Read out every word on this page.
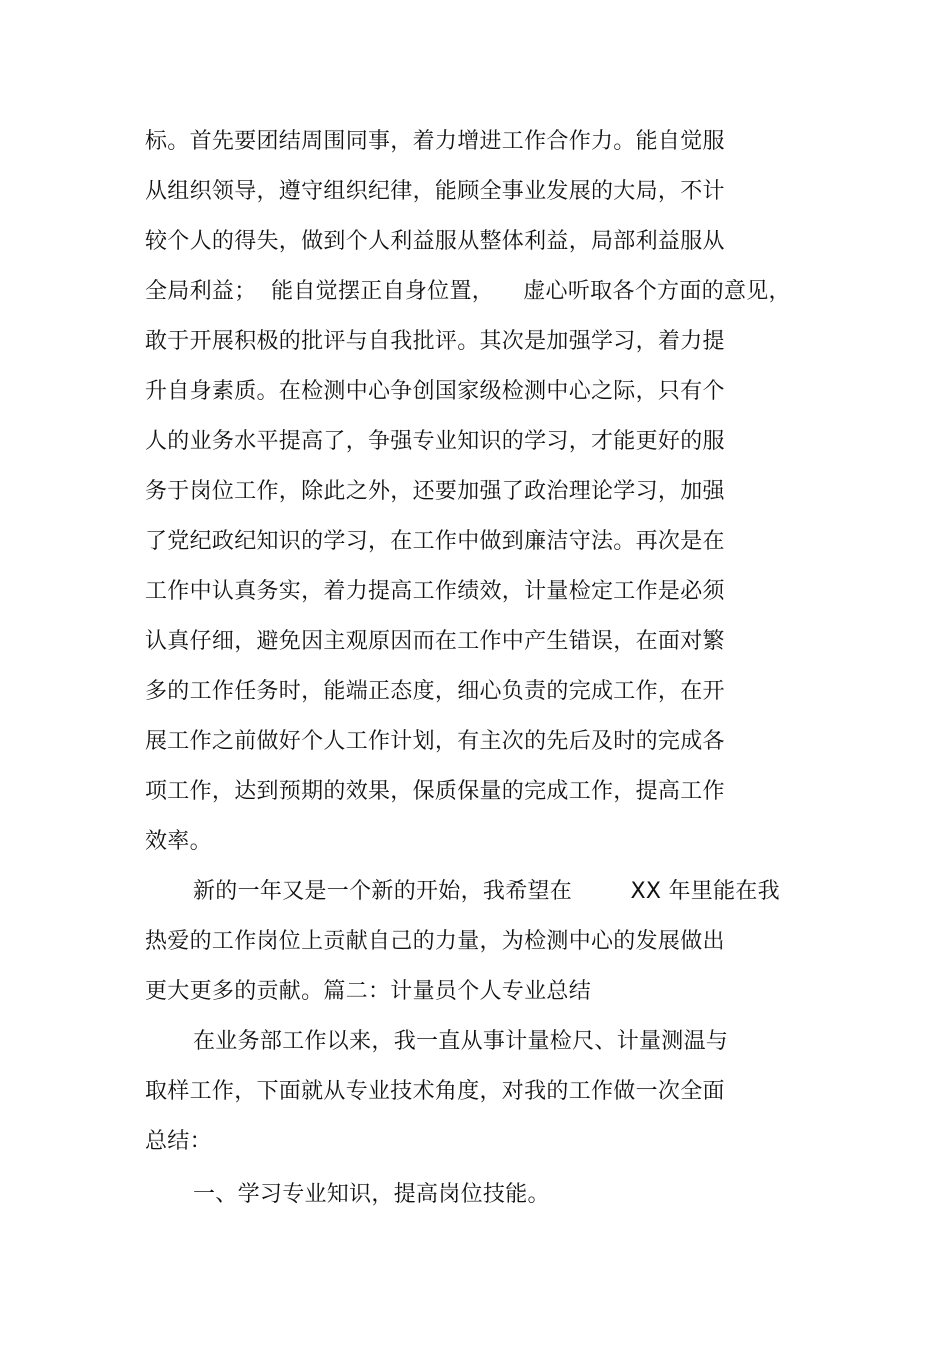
标。首先要团结周围同事，着力增进工作合作力。能自觉服
从组织领导，遵守组织纪律，能顾全事业发展的大局，不计
较个人的得失，做到个人利益服从整体利益，局部利益服从
全局利益；  能自觉摆正自身位置，    虚心听取各个方面的意见，
敢于开展积极的批评与自我批评。其次是加强学习，着力提
升自身素质。在检测中心争创国家级检测中心之际，只有个
人的业务水平提高了，争强专业知识的学习，才能更好的服
务于岗位工作，除此之外，还要加强了政治理论学习，加强
了党纪政纪知识的学习，在工作中做到廉洁守法。再次是在
工作中认真务实，着力提高工作绩效，计量检定工作是必须
认真仔细，避免因主观原因而在工作中产生错误，在面对繁
多的工作任务时，能端正态度，细心负责的完成工作，在开
展工作之前做好个人工作计划，有主次的先后及时的完成各
项工作，达到预期的效果，保质保量的完成工作，提高工作
效率。
新的一年又是一个新的开始，我希望在        XX 年里能在我
热爱的工作岗位上贡献自己的力量，为检测中心的发展做出
更大更多的贡献。篇二：计量员个人专业总结
在业务部工作以来，我一直从事计量检尺、计量测温与
取样工作，下面就从专业技术角度，对我的工作做一次全面
总结：
一、学习专业知识，提高岗位技能。
